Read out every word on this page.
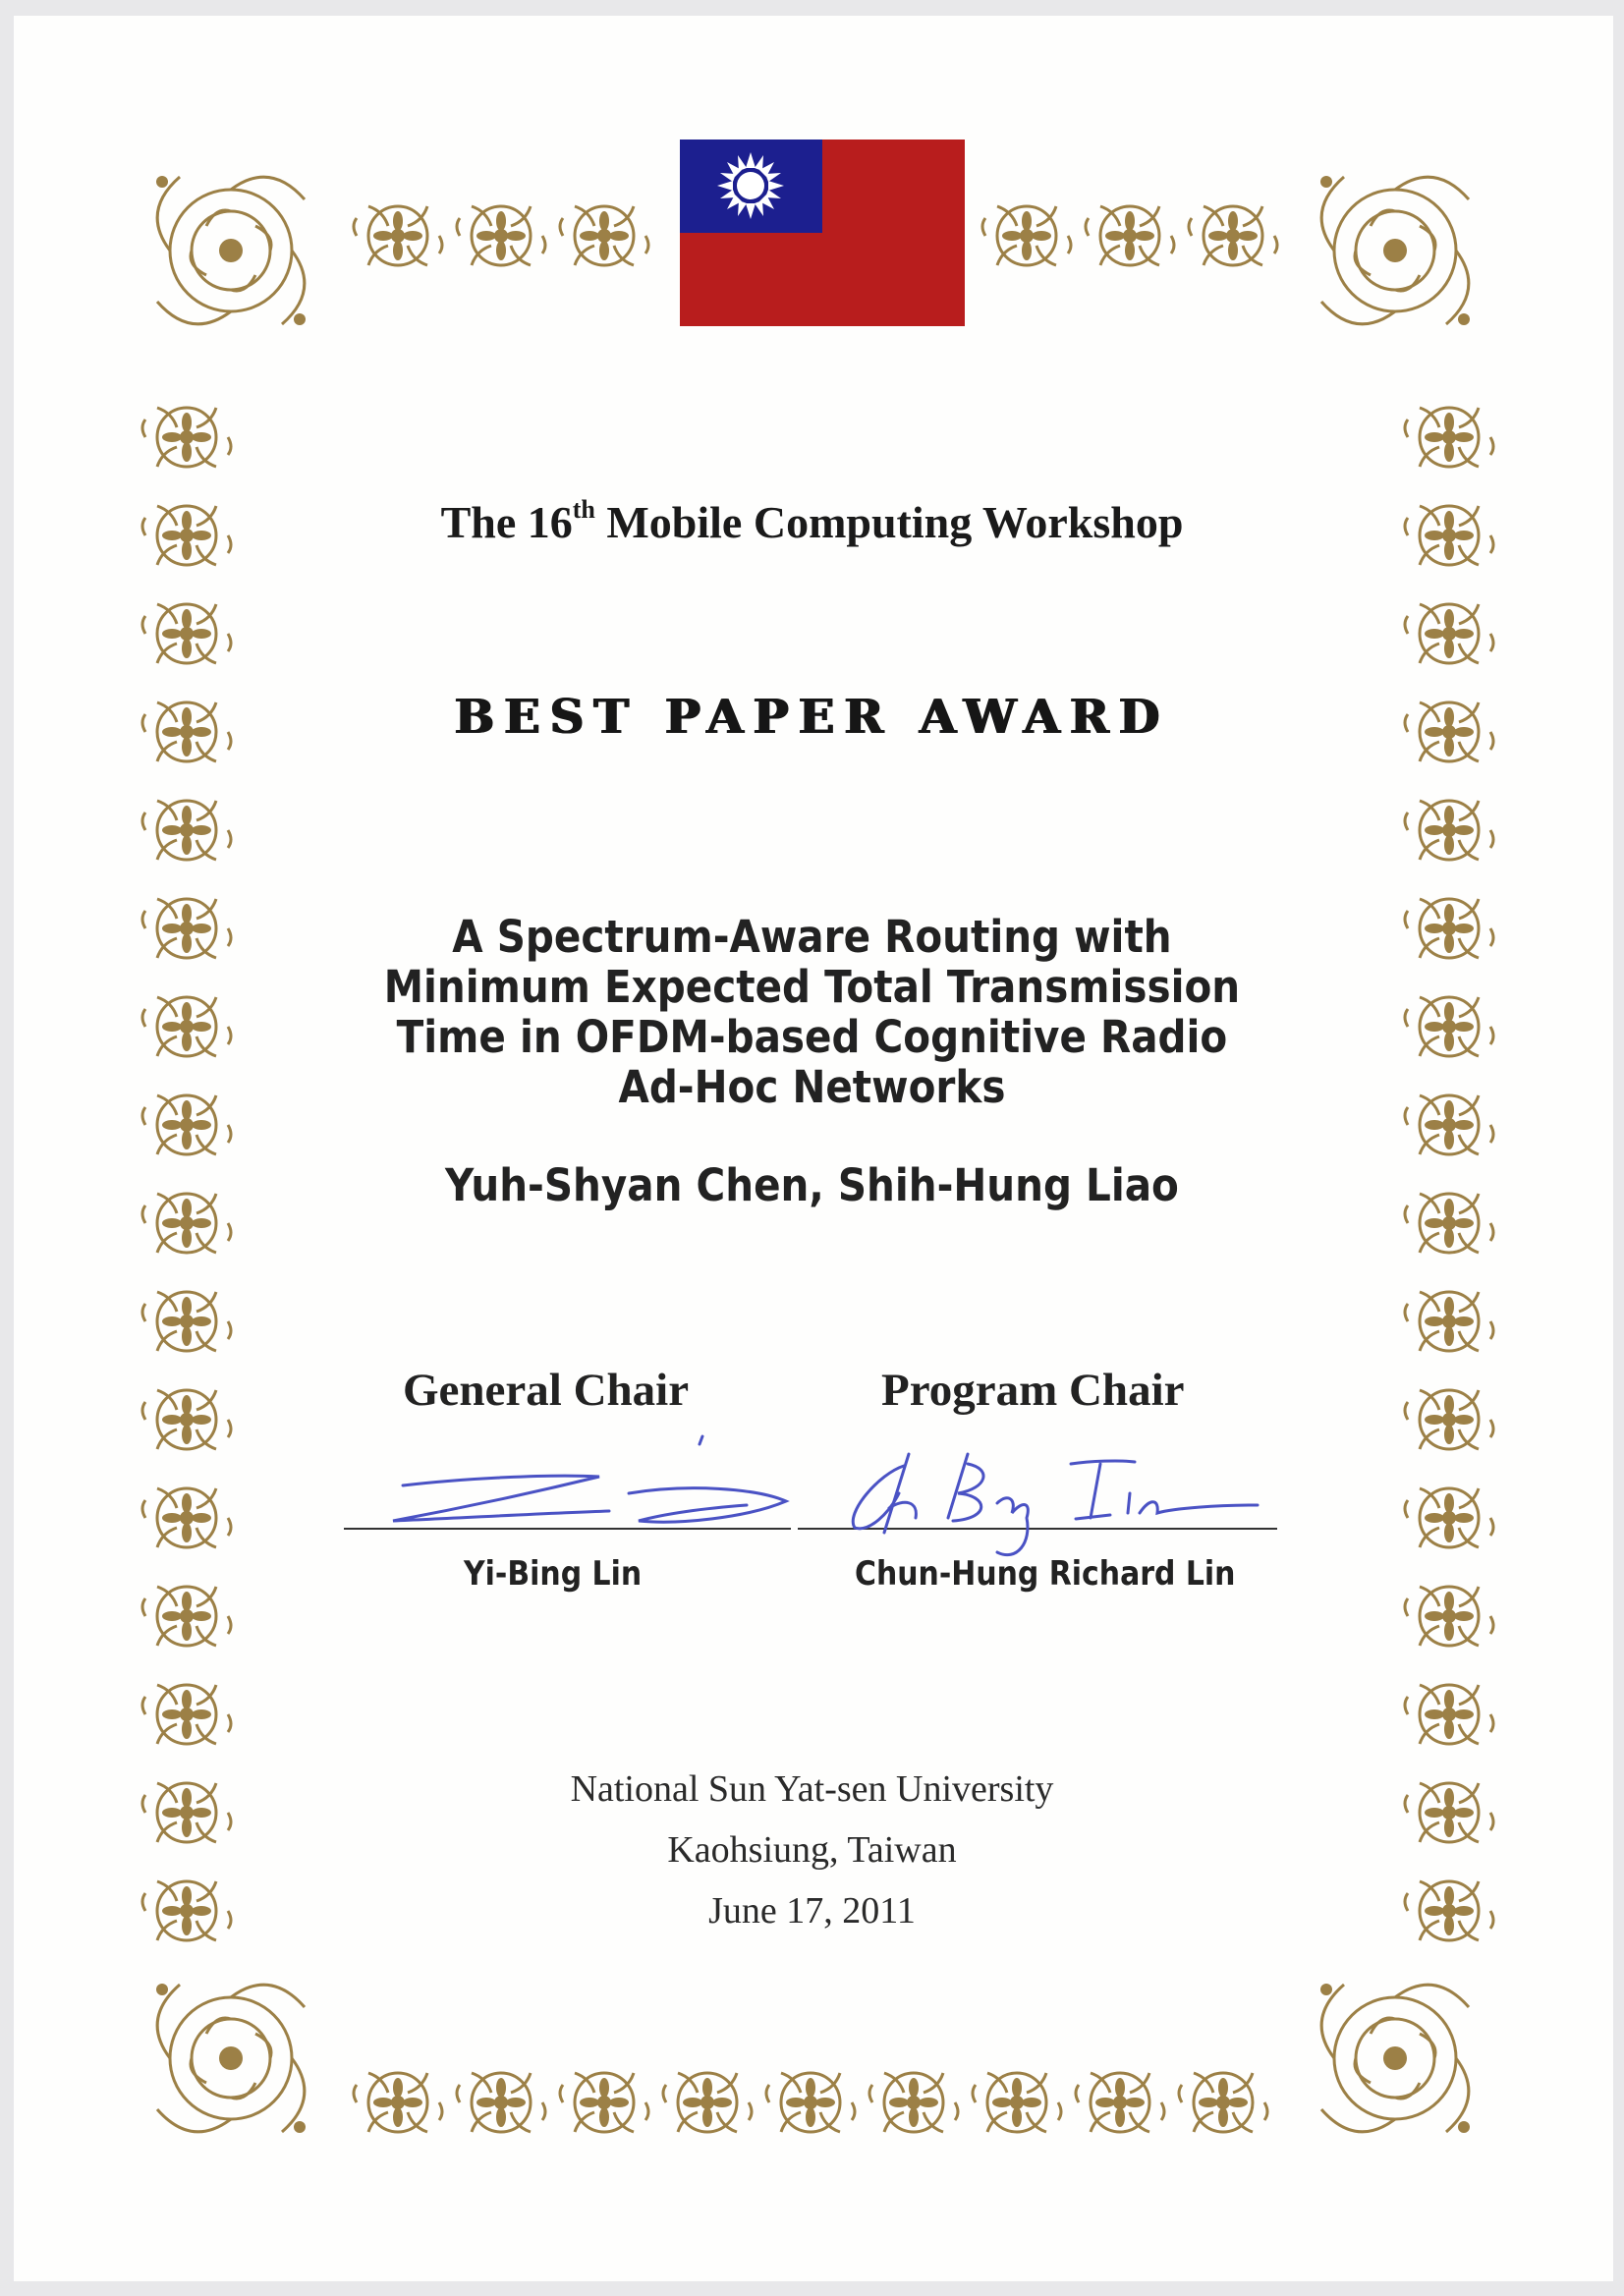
The 16th Mobile Computing Workshop

BEST PAPER AWARD

A Spectrum-Aware Routing with
Minimum Expected Total Transmission
Time in OFDM-based Cognitive Radio
Ad-Hoc Networks

Yuh-Shyan Chen, Shih-Hung Liao

General Chair	Program Chair

Yi-Bing Lin	Chun-Hung Richard Lin

National Sun Yat-sen University

Kaohsiung, Taiwan

June 17, 2011
